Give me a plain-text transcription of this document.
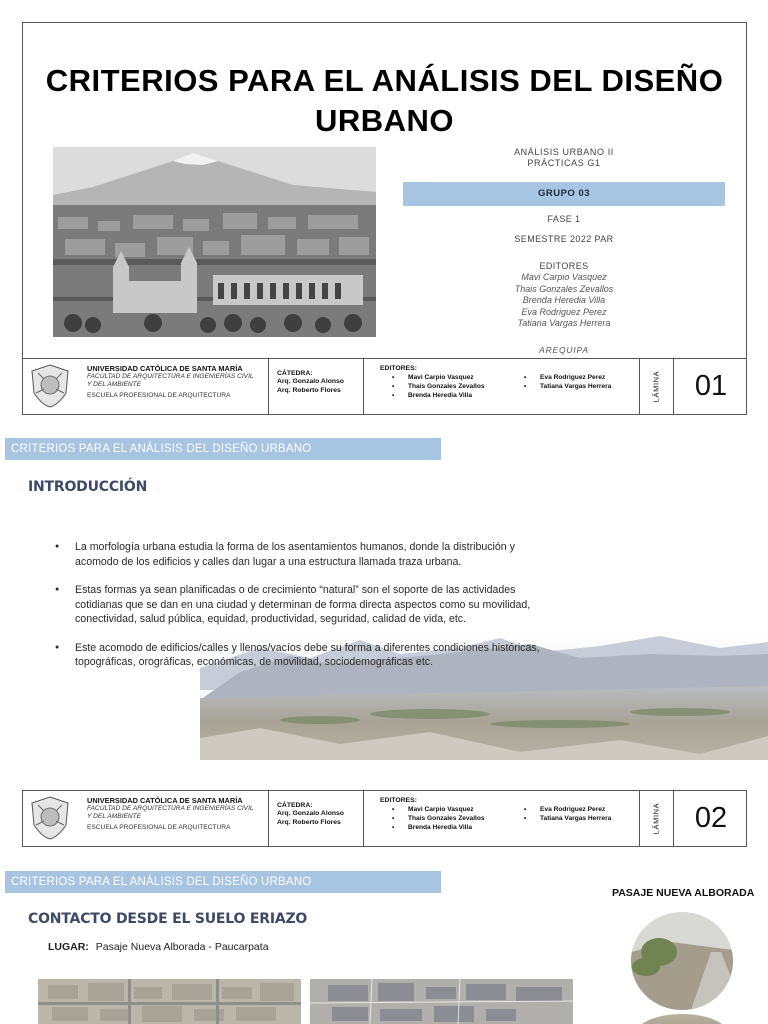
CRITERIOS PARA EL ANÁLISIS DEL DISEÑO
URBANO
ANÁLISIS URBANO II
PRÁCTICAS G1
GRUPO 03
FASE 1
SEMESTRE 2022 PAR
EDITORES
Mavi Carpio Vasquez
Thais Gonzales Zevallos
Brenda Heredia Villa
Eva Rodriguez Perez
Tatiana Vargas Herrera
AREQUIPA
UNIVERSIDAD CATÓLICA DE SANTA MARÍA
FACULTAD DE ARQUITECTURA E INGENIERÍAS CIVIL
Y DEL AMBIENTE
ESCUELA PROFESIONAL DE ARQUITECTURA
CÁTEDRA:
Arq. Gonzalo Alonso
Arq. Roberto Flores
EDITORES:
• Mavi Carpio Vasquez
• Thais Gonzales Zevallos
• Brenda Heredia Villa
• Eva Rodriguez Perez
• Tatiana Vargas Herrera	LÁMINA	01
CRITERIOS PARA EL ANÁLISIS DEL DISEÑO URBANO
INTRODUCCIÓN
● La morfología urbana estudia la forma de los asentamientos humanos, donde la distribución y acomodo de los edificios y calles dan lugar a una estructura llamada traza urbana.
● Estas formas ya sean planificadas o de crecimiento “natural” son el soporte de las actividades cotidianas que se dan en una ciudad y determinan de forma directa aspectos como su movilidad, conectividad, salud pública, equidad, productividad, seguridad, calidad de vida, etc.
● Este acomodo de edificios/calles y llenos/vacíos debe su forma a diferentes condiciones históricas, topográficas, orográficas, económicas, de movilidad, sociodemográficas etc.
UNIVERSIDAD CATÓLICA DE SANTA MARÍA
FACULTAD DE ARQUITECTURA E INGENIERÍAS CIVIL
Y DEL AMBIENTE
ESCUELA PROFESIONAL DE ARQUITECTURA
CÁTEDRA:
Arq. Gonzalo Alonso
Arq. Roberto Flores
EDITORES:
• Mavi Carpio Vasquez
• Thais Gonzales Zevallos
• Brenda Heredia Villa
• Eva Rodriguez Perez
• Tatiana Vargas Herrera	LÁMINA	02
CRITERIOS PARA EL ANÁLISIS DEL DISEÑO URBANO
CONTACTO DESDE EL SUELO ERIAZO
LUGAR: Pasaje Nueva Alborada - Paucarpata
PASAJE NUEVA ALBORADA
